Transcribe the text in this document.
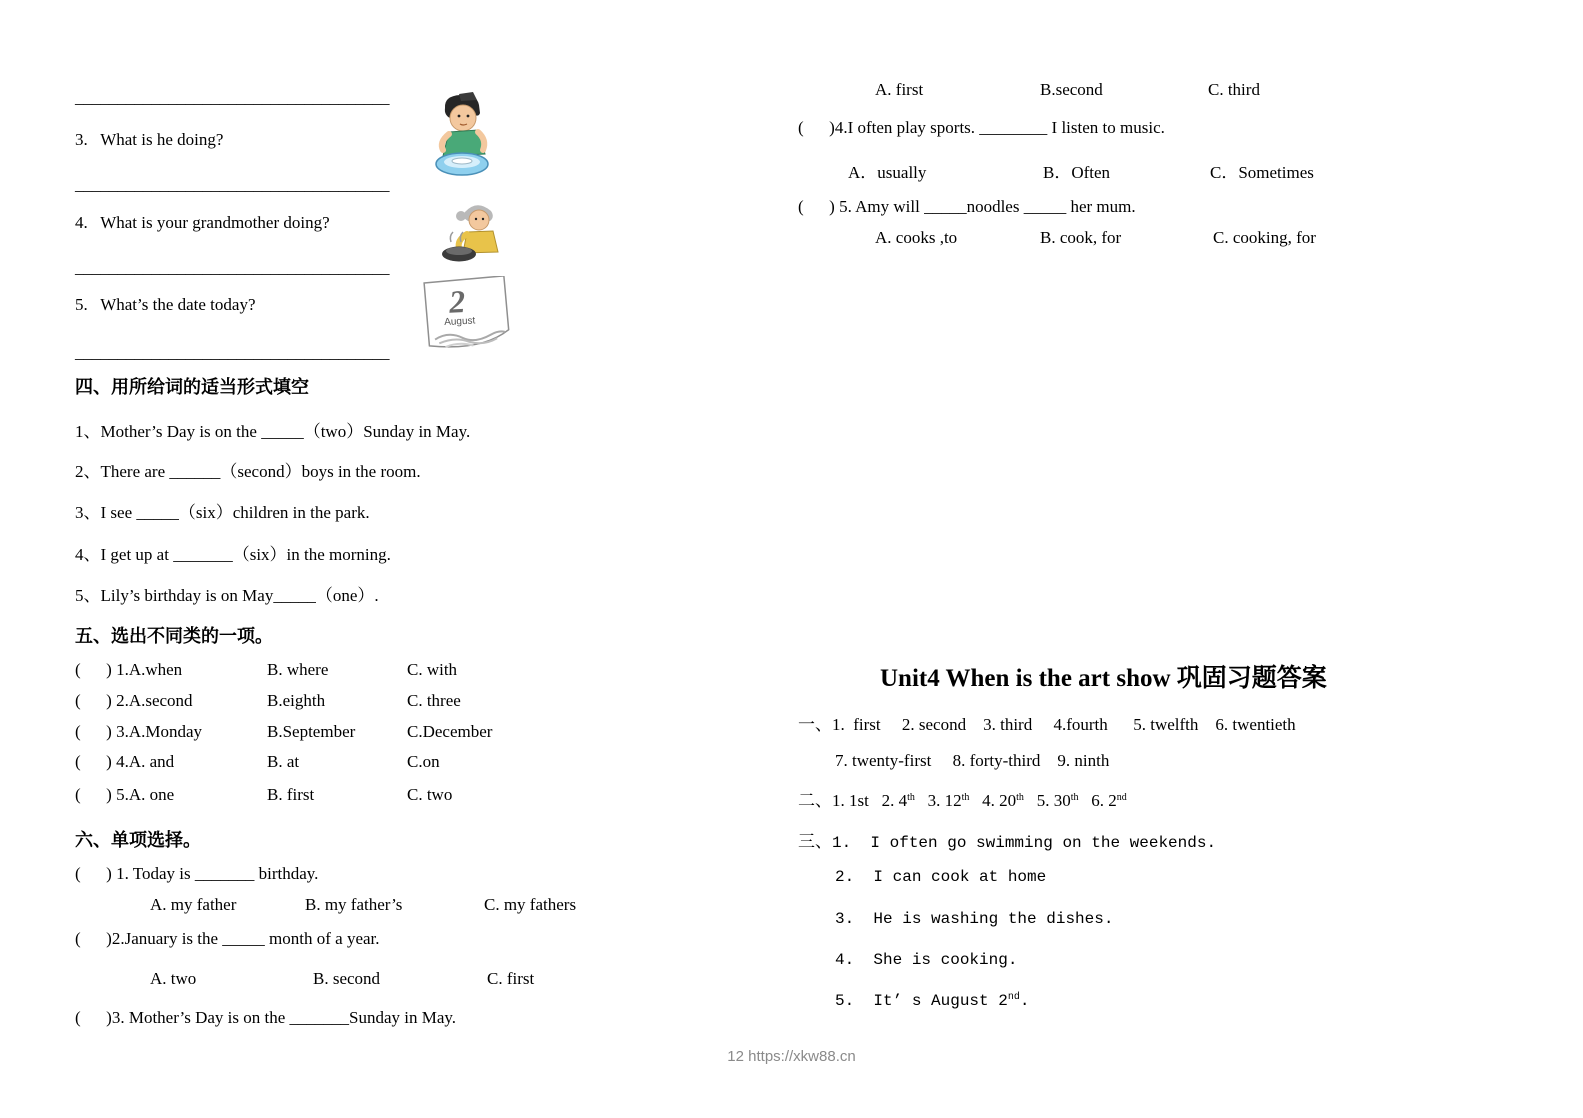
_____________________________________
3.   What is he doing?
_____________________________________
4.   What is your grandmother doing?
_____________________________________
5.   What’s the date today?
_____________________________________
四、用所给词的适当形式填空
1、Mother’s Day is on the _____（two）Sunday in May.
2、There are ______（second）boys in the room.
3、I see _____（six）children in the park.
4、I get up at _______（six）in the morning.
5、Lily’s birthday is on May_____（one）.
五、选出不同类的一项。
(      ) 1.A.when	B. where	C. with
(      ) 2.A.second	B.eighth	C. three
(      ) 3.A.Monday	B.September	C.December
(      ) 4.A. and	B. at	C.on
(      ) 5.A. one	B. first	C. two
六、单项选择。
(      ) 1. Today is _______ birthday.
A. my father	B. my father’s	C. my fathers
(      )2.January is the _____ month of a year.
A. two	B. second	C. first
(      )3. Mother’s Day is on the _______Sunday in May.
2
August
A. first	B.second	C. third
(      )4.I often play sports. ________ I listen to music.
A．usually	B．Often	C．Sometimes
(      ) 5. Amy will _____noodles _____ her mum.
A. cooks ,to	B. cook, for	C. cooking, for
Unit4 When is the art show 巩固习题答案
一、1.  first     2. second    3. third     4.fourth      5. twelfth    6. twentieth
7. twenty-first     8. forty-third    9. ninth
二、1. 1st   2. 4th   3. 12th   4. 20th   5. 30th   6. 2nd
三、1.  I often go swimming on the weekends.
2.  I can cook at home
3.  He is washing the dishes.
4.  She is cooking.
5.  It’ s August 2nd.
12 https://xkw88.cn
